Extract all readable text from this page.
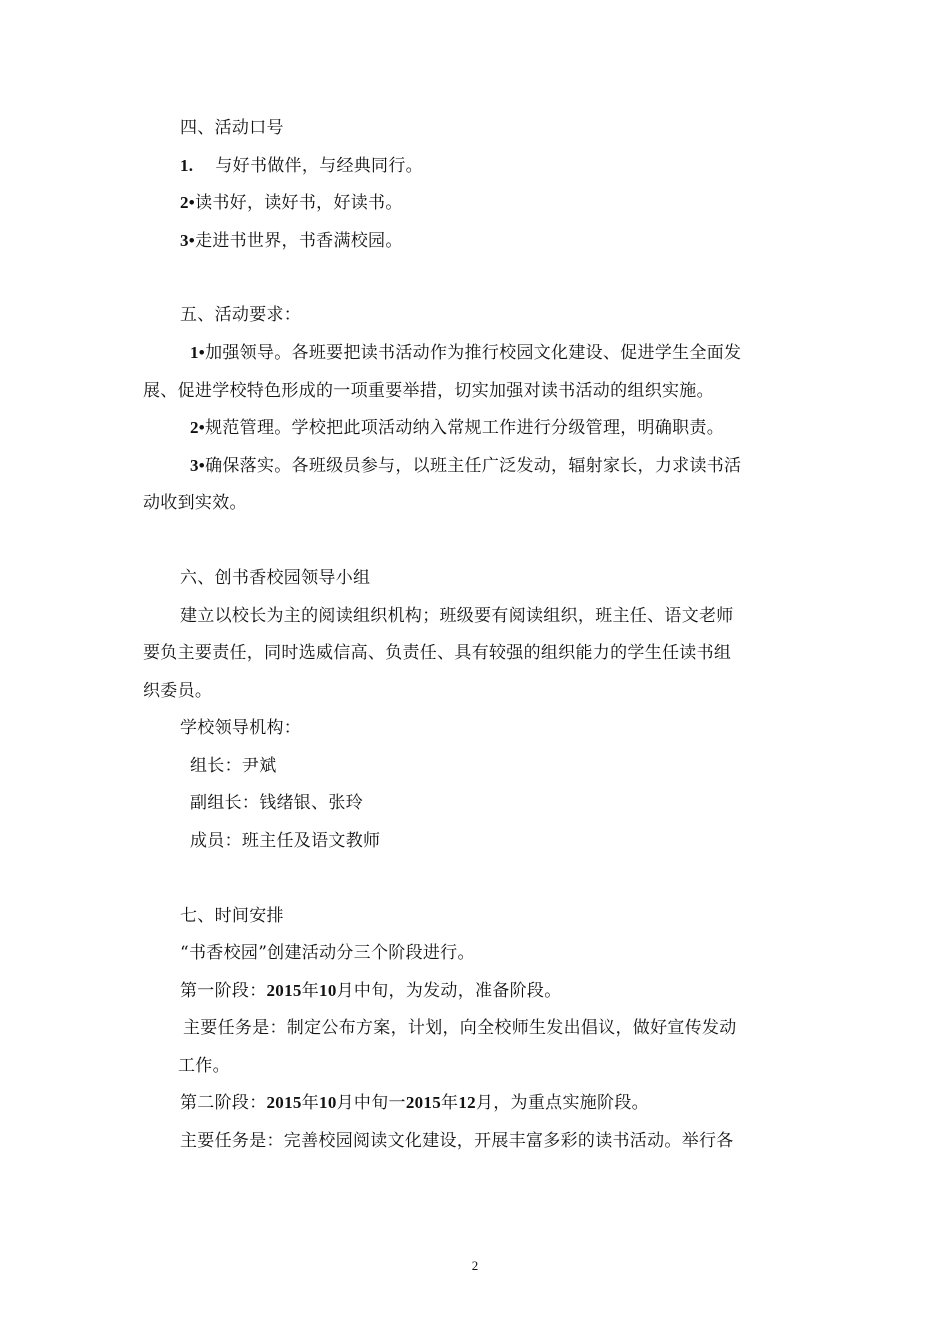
四、活动口号
1. 与好书做伴，与经典同行。
2•读书好，读好书，好读书。
3•走进书世界，书香满校园。
五、活动要求：
1•加强领导。各班要把读书活动作为推行校园文化建设、促进学生全面发
展、促进学校特色形成的一项重要举措，切实加强对读书活动的组织实施。
2•规范管理。学校把此项活动纳入常规工作进行分级管理，明确职责。
3•确保落实。各班级员参与，以班主任广泛发动，辐射家长，力求读书活
动收到实效。
六、创书香校园领导小组
建立以校长为主的阅读组织机构；班级要有阅读组织，班主任、语文老师
要负主要责任，同时选威信高、负责任、具有较强的组织能力的学生任读书组
织委员。
学校领导机构：
组长：尹斌
副组长：钱绪银、张玲
成员：班主任及语文教师
七、时间安排
“书香校园”创建活动分三个阶段进行。
第一阶段：2015年10月中旬，为发动，准备阶段。
主要任务是：制定公布方案，计划，向全校师生发出倡议，做好宣传发动
工作。
第二阶段：2015年10月中旬一2015年12月，为重点实施阶段。
主要任务是：完善校园阅读文化建设，开展丰富多彩的读书活动。举行各
2
